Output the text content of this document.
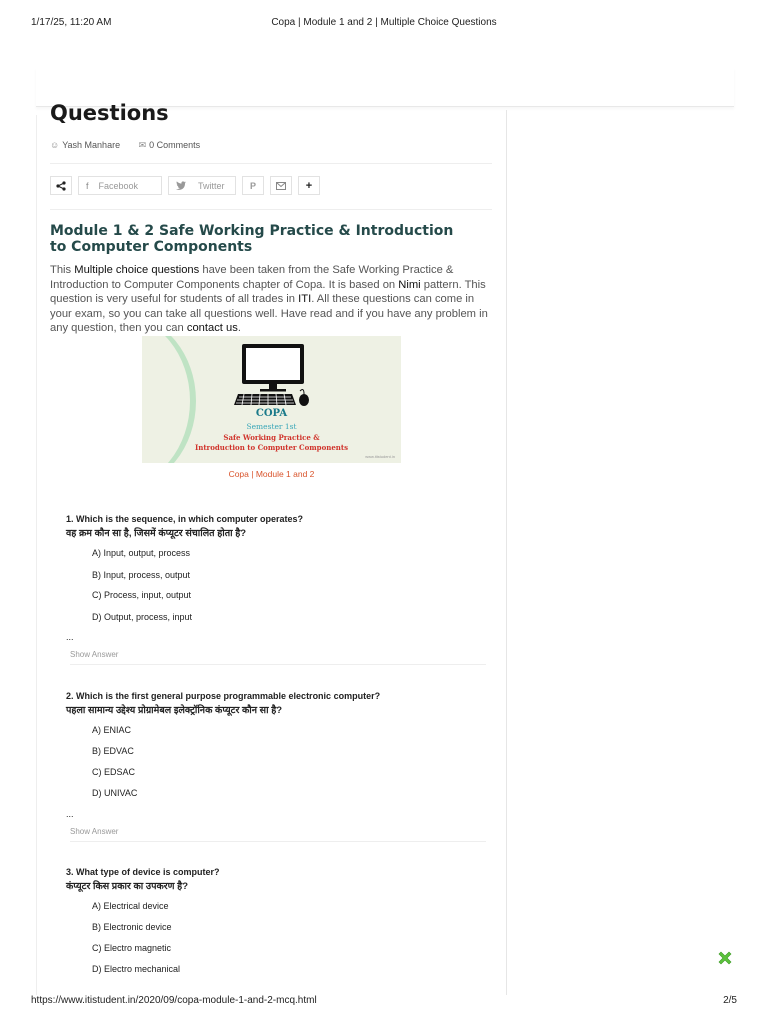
1/17/25, 11:20 AM	Copa | Module 1 and 2 | Multiple Choice Questions
Questions
☺ Yash Manhare ✉ 0 Comments
f Facebook	Twitter	P	+
Module 1 & 2 Safe Working Practice & Introduction to Computer Components
This Multiple choice questions have been taken from the Safe Working Practice & Introduction to Computer Components chapter of Copa. It is based on Nimi pattern. This question is very useful for students of all trades in ITI. All these questions can come in your exam, so you can take all questions well. Have read and if you have any problem in any question, then you can contact us.
COPA
Semester 1st
Safe Working Practice &
Introduction to Computer Components
www.itistudent.in
Copa | Module 1 and 2
1. Which is the sequence, in which computer operates?
वह क्रम कौन सा है, जिसमें कंप्यूटर संचालित होता है?
A) Input, output, process
B) Input, process, output
C) Process, input, output
D) Output, process, input
...
Show Answer
2. Which is the first general purpose programmable electronic computer?
पहला सामान्य उद्देश्य प्रोग्रामेबल इलेक्ट्रॉनिक कंप्यूटर कौन सा है?
A) ENIAC
B) EDVAC
C) EDSAC
D) UNIVAC
...
Show Answer
3. What type of device is computer?
कंप्यूटर किस प्रकार का उपकरण है?
A) Electrical device
B) Electronic device
C) Electro magnetic
D) Electro mechanical
https://www.itistudent.in/2020/09/copa-module-1-and-2-mcq.html	2/5
